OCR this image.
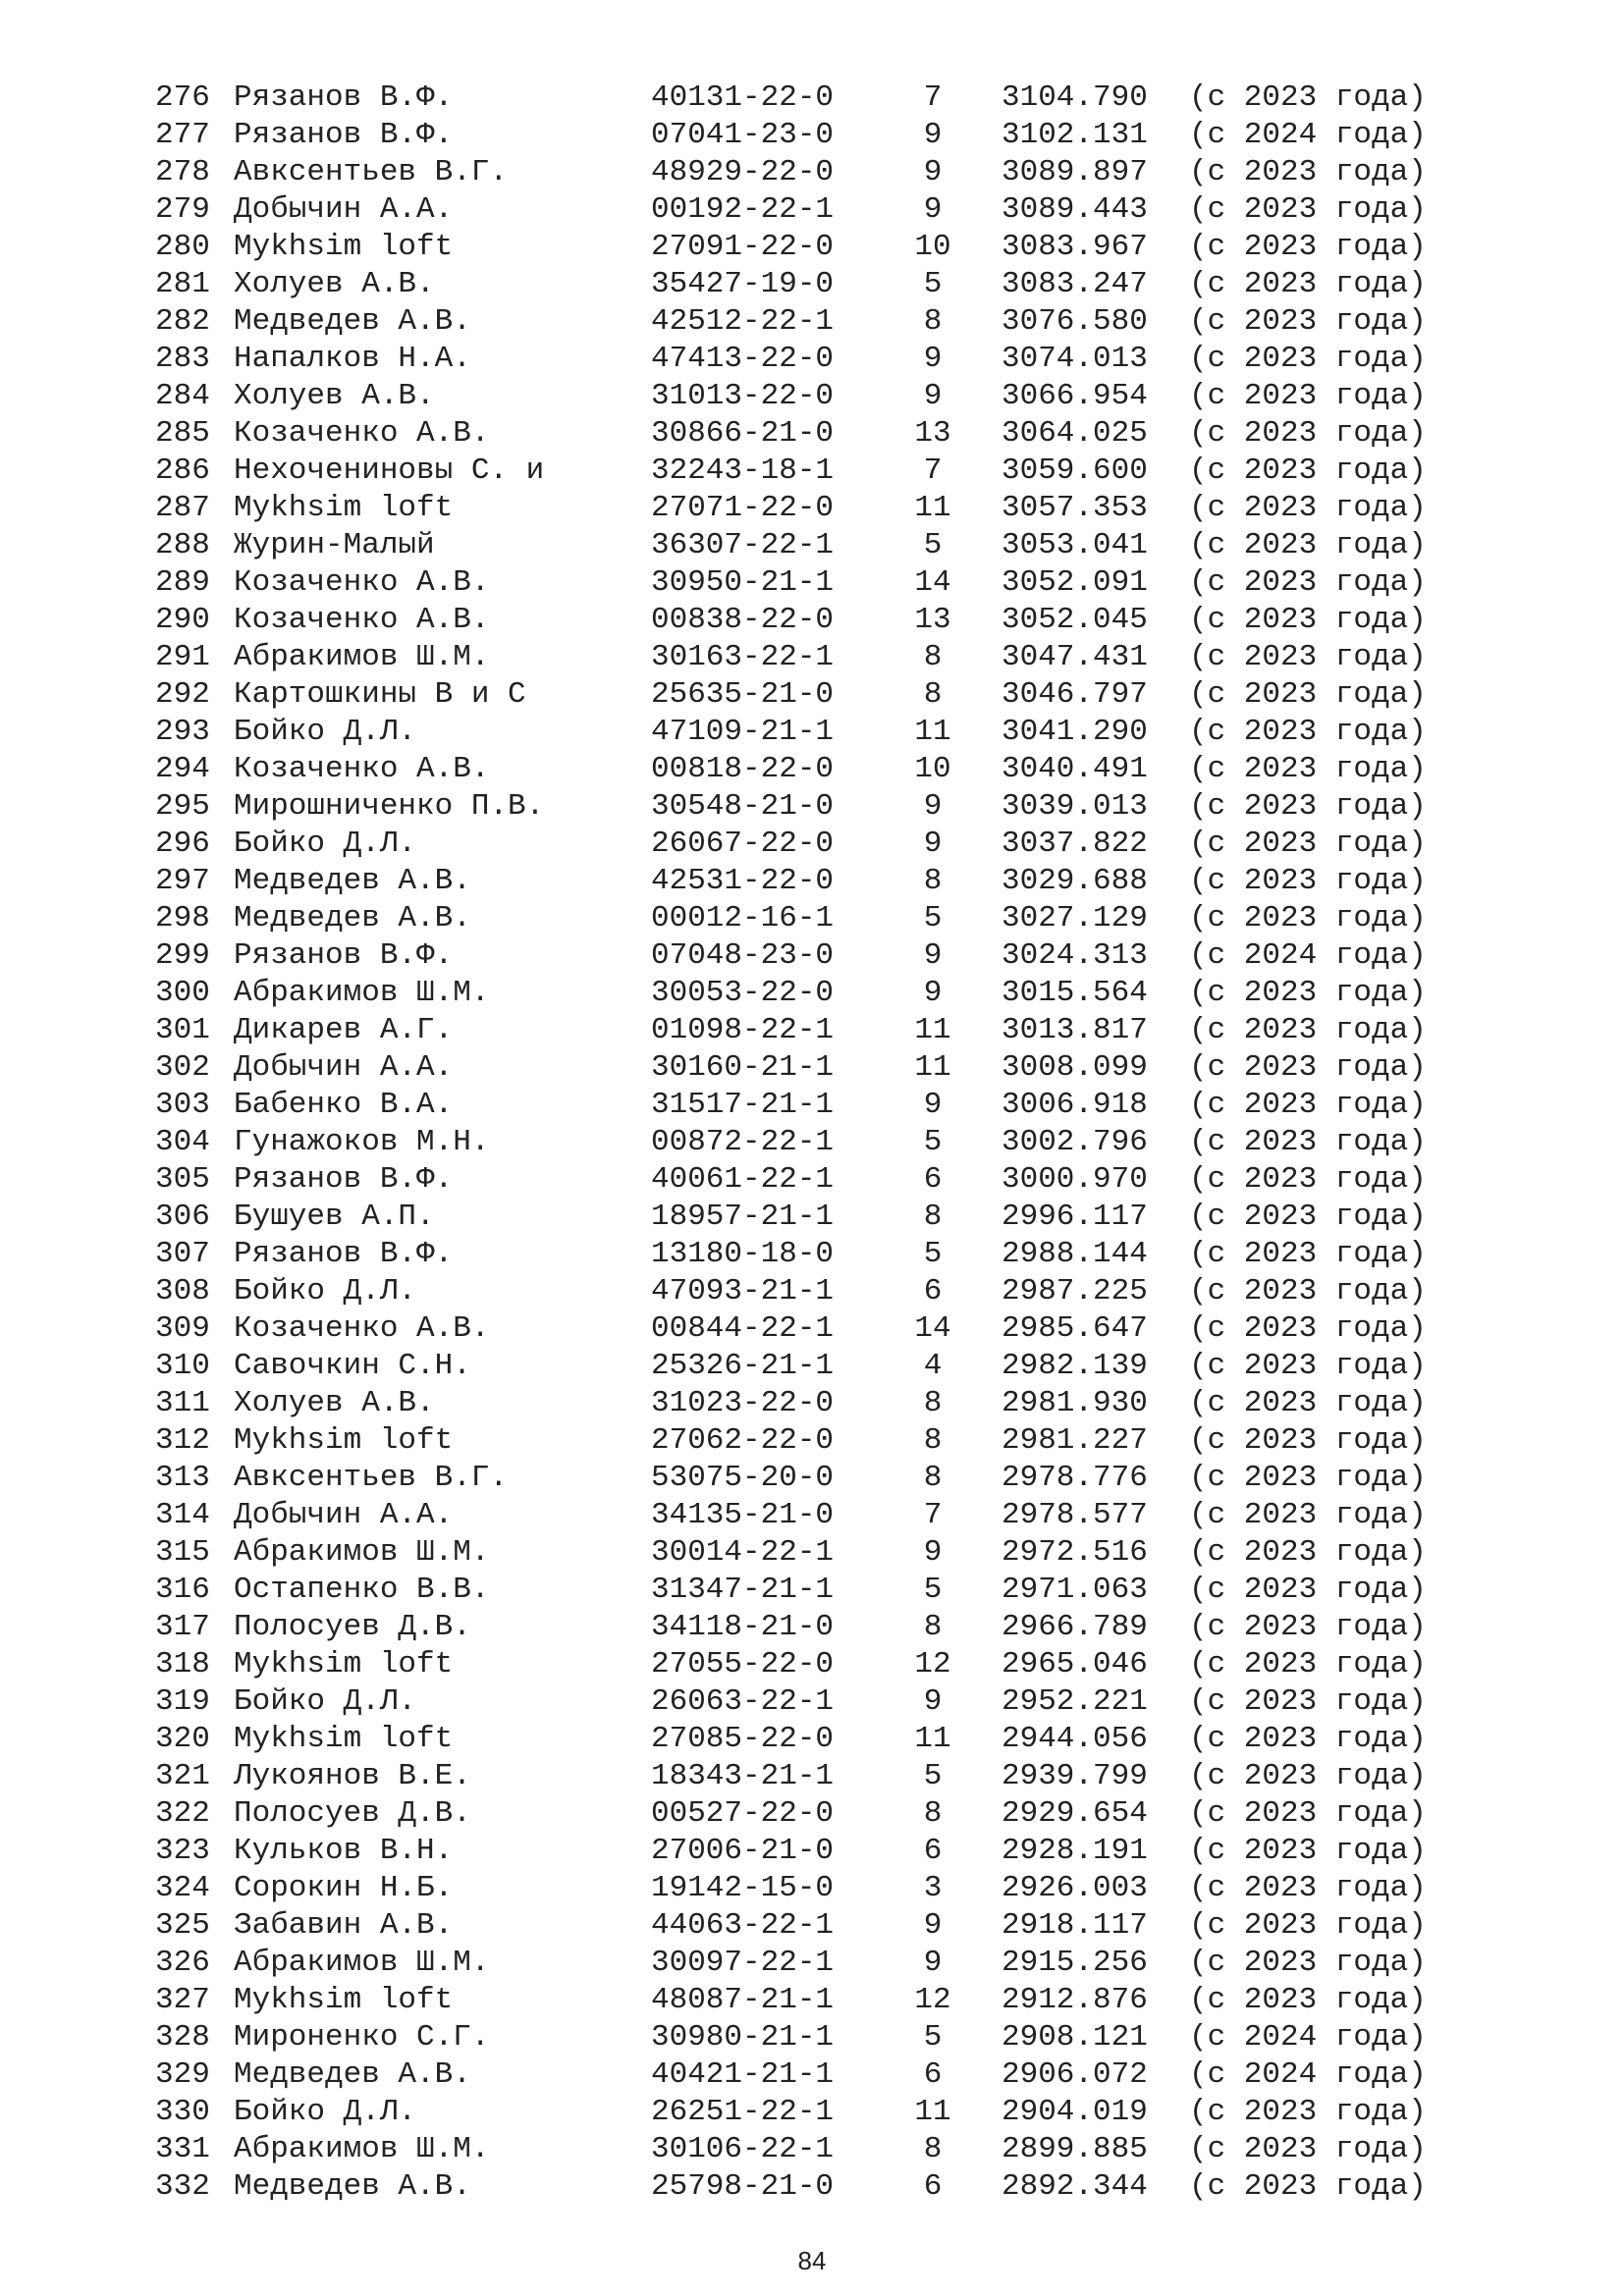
276 Рязанов В.Ф.	40131-22-0	7	3104.790 (с 2023 года)
277 Рязанов В.Ф.	07041-23-0	9	3102.131 (с 2024 года)
278 Авксентьев В.Г.	48929-22-0	9	3089.897 (с 2023 года)
279 Добычин А.А.	00192-22-1	9	3089.443 (с 2023 года)
280 Mykhsim loft	27091-22-0	10	3083.967 (с 2023 года)
281 Холуев А.В.	35427-19-0	5	3083.247 (с 2023 года)
282 Медведев А.В.	42512-22-1	8	3076.580 (с 2023 года)
283 Напалков Н.А.	47413-22-0	9	3074.013 (с 2023 года)
284 Холуев А.В.	31013-22-0	9	3066.954 (с 2023 года)
285 Козаченко А.В.	30866-21-0	13	3064.025 (с 2023 года)
286 Нехочениновы С. и	32243-18-1	7	3059.600 (с 2023 года)
287 Mykhsim loft	27071-22-0	11	3057.353 (с 2023 года)
288 Журин-Малый	36307-22-1	5	3053.041 (с 2023 года)
289 Козаченко А.В.	30950-21-1	14	3052.091 (с 2023 года)
290 Козаченко А.В.	00838-22-0	13	3052.045 (с 2023 года)
291 Абракимов Ш.М.	30163-22-1	8	3047.431 (с 2023 года)
292 Картошкины В и С	25635-21-0	8	3046.797 (с 2023 года)
293 Бойко Д.Л.	47109-21-1	11	3041.290 (с 2023 года)
294 Козаченко А.В.	00818-22-0	10	3040.491 (с 2023 года)
295 Мирошниченко П.В.	30548-21-0	9	3039.013 (с 2023 года)
296 Бойко Д.Л.	26067-22-0	9	3037.822 (с 2023 года)
297 Медведев А.В.	42531-22-0	8	3029.688 (с 2023 года)
298 Медведев А.В.	00012-16-1	5	3027.129 (с 2023 года)
299 Рязанов В.Ф.	07048-23-0	9	3024.313 (с 2024 года)
300 Абракимов Ш.М.	30053-22-0	9	3015.564 (с 2023 года)
301 Дикарев А.Г.	01098-22-1	11	3013.817 (с 2023 года)
302 Добычин А.А.	30160-21-1	11	3008.099 (с 2023 года)
303 Бабенко В.А.	31517-21-1	9	3006.918 (с 2023 года)
304 Гунажоков М.Н.	00872-22-1	5	3002.796 (с 2023 года)
305 Рязанов В.Ф.	40061-22-1	6	3000.970 (с 2023 года)
306 Бушуев А.П.	18957-21-1	8	2996.117 (с 2023 года)
307 Рязанов В.Ф.	13180-18-0	5	2988.144 (с 2023 года)
308 Бойко Д.Л.	47093-21-1	6	2987.225 (с 2023 года)
309 Козаченко А.В.	00844-22-1	14	2985.647 (с 2023 года)
310 Савочкин С.Н.	25326-21-1	4	2982.139 (с 2023 года)
311 Холуев А.В.	31023-22-0	8	2981.930 (с 2023 года)
312 Mykhsim loft	27062-22-0	8	2981.227 (с 2023 года)
313 Авксентьев В.Г.	53075-20-0	8	2978.776 (с 2023 года)
314 Добычин А.А.	34135-21-0	7	2978.577 (с 2023 года)
315 Абракимов Ш.М.	30014-22-1	9	2972.516 (с 2023 года)
316 Остапенко В.В.	31347-21-1	5	2971.063 (с 2023 года)
317 Полосуев Д.В.	34118-21-0	8	2966.789 (с 2023 года)
318 Mykhsim loft	27055-22-0	12	2965.046 (с 2023 года)
319 Бойко Д.Л.	26063-22-1	9	2952.221 (с 2023 года)
320 Mykhsim loft	27085-22-0	11	2944.056 (с 2023 года)
321 Лукоянов В.Е.	18343-21-1	5	2939.799 (с 2023 года)
322 Полосуев Д.В.	00527-22-0	8	2929.654 (с 2023 года)
323 Кульков В.Н.	27006-21-0	6	2928.191 (с 2023 года)
324 Сорокин Н.Б.	19142-15-0	3	2926.003 (с 2023 года)
325 Забавин А.В.	44063-22-1	9	2918.117 (с 2023 года)
326 Абракимов Ш.М.	30097-22-1	9	2915.256 (с 2023 года)
327 Mykhsim loft	48087-21-1	12	2912.876 (с 2023 года)
328 Мироненко С.Г.	30980-21-1	5	2908.121 (с 2024 года)
329 Медведев А.В.	40421-21-1	6	2906.072 (с 2024 года)
330 Бойко Д.Л.	26251-22-1	11	2904.019 (с 2023 года)
331 Абракимов Ш.М.	30106-22-1	8	2899.885 (с 2023 года)
332 Медведев А.В.	25798-21-0	6	2892.344 (с 2023 года)
84
